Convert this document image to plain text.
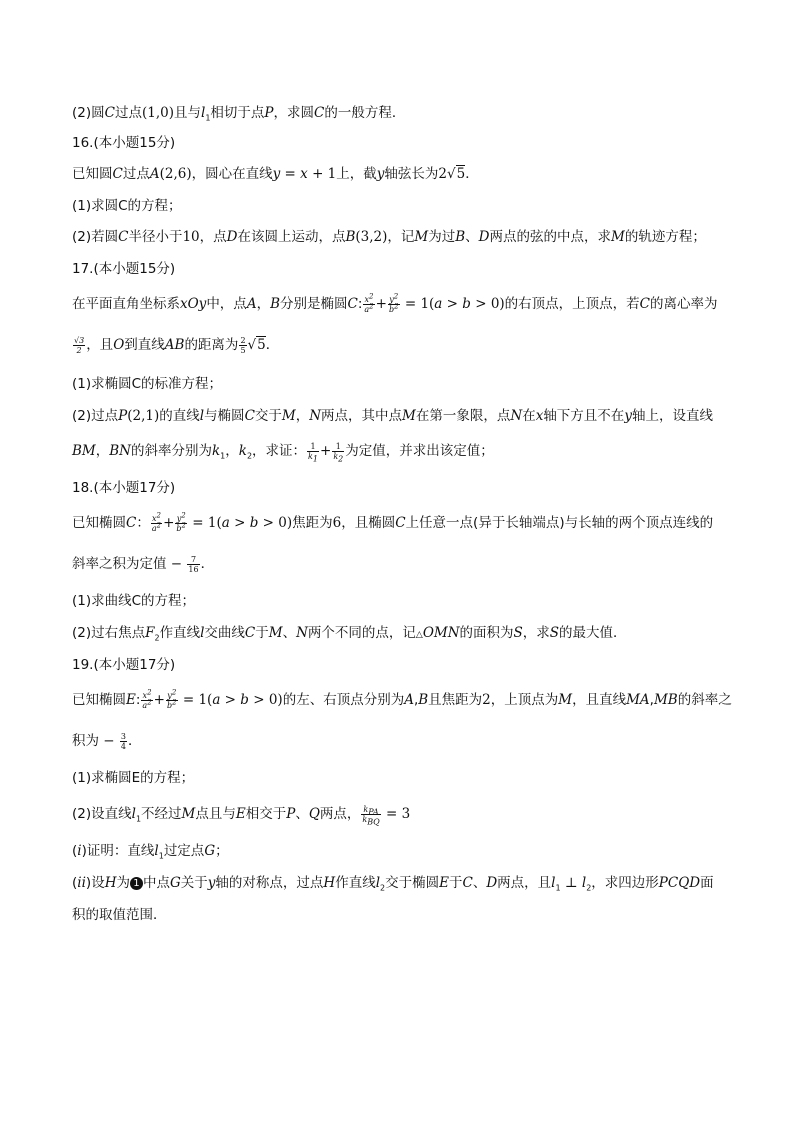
(2)圆C过点(1,0)且与$l_1$相切于点P，求圆C的一般方程．
16.(本小题15分)
已知圆C过点A(2,6)，圆心在直线y = x + 1上，截y轴弦长为2√5．
(1)求圆C的方程；
(2)若圆C半径小于10，点D在该圆上运动，点B(3,2)，记M为过B、D两点的弦的中点，求M的轨迹方程；
17.(本小题15分)
在平面直角坐标系xOy中，点A，B分别是椭圆C: $\frac{x^2}{a^2} + \frac{y^2}{b^2} = 1(a > b > 0)$的右顶点，上顶点，若C的离心率为
$\frac{√3}{2}$ ，且O到直线AB的距离为 $\frac{2}{5} √5$．
(1)求椭圆C的标准方程；
(2)过点P(2,1)的直线l与椭圆C交于M，N两点，其中点M在第一象限，点N在x轴下方且不在y轴上，设直线
BM，BN的斜率分别为$k_1$，$k_2$，求证： $\frac{1}{k_1} + \frac{1}{k_2}$ 为定值，并求出该定值；
18.(本小题17分)
已知椭圆C： $\frac{x^2}{a^2} + \frac{y^2}{b^2} = 1(a > b > 0)$焦距为6，且椭圆C上任意一点(异于长轴端点)与长轴的两个顶点连线的
斜率之积为定值 − $\frac{7}{16}$ ．
(1)求曲线C的方程；
(2)过右焦点$F_2$作直线l交曲线C于M、N两个不同的点，记△OMN的面积为S，求S的最大值．
19.(本小题17分)
已知椭圆E: $\frac{x^2}{a^2} + \frac{y^2}{b^2} = 1(a > b > 0)$的左、右顶点分别为A,B且焦距为2，上顶点为M，且直线MA,MB的斜率之
积为 − $\frac{3}{4}$ ．
(1)求椭圆E的方程；
(2)设直线$l_1$不经过M点且与E相交于P、Q两点， $\frac{k_{PA}}{k_{BQ}} = 3$
(i)证明：直线$l_1$过定点G；
(ii)设H为 1 中点G关于y轴的对称点，过点H作直线$l_2$交于椭圆E于C、D两点，且$l_1$ ⊥ $l_2$，求四边形PCQD面
积的取值范围．
